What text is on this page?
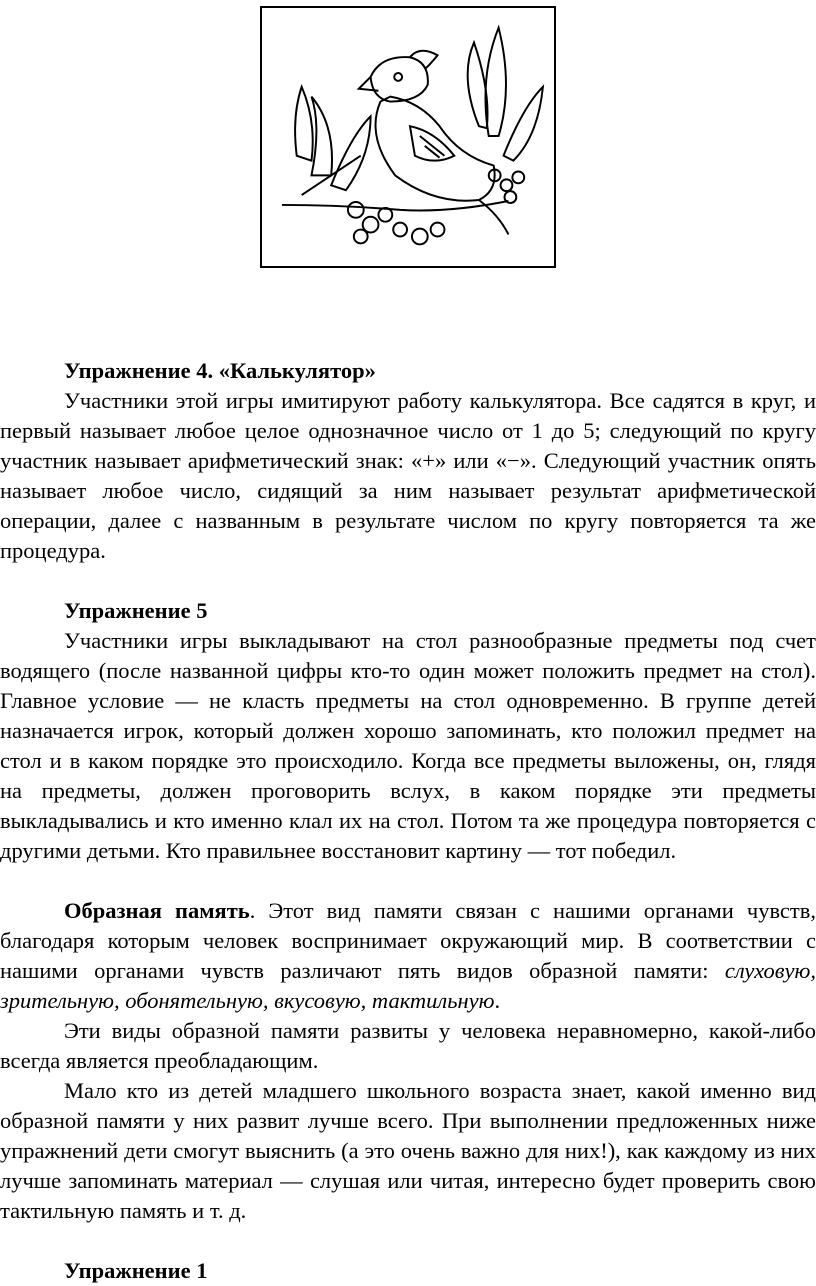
Упражнение 4. «Калькулятор»

Участники этой игры имитируют работу калькулятора. Все садятся в круг, и первый называет любое целое однозначное число от 1 до 5; следующий по кругу участник называет арифметический знак: «+» или «−». Следующий участник опять называет любое число, сидящий за ним называет результат арифметической операции, далее с названным в результате числом по кругу повторяется та же процедура.

Упражнение 5

Участники игры выкладывают на стол разнообразные предметы под счет водящего (после названной цифры кто-то один может положить предмет на стол). Главное условие — не класть предметы на стол одновременно. В группе детей назначается игрок, который должен хорошо запоминать, кто положил предмет на стол и в каком порядке это происходило. Когда все предметы выложены, он, глядя на предметы, должен проговорить вслух, в каком порядке эти предметы выкладывались и кто именно клал их на стол. Потом та же процедура повторяется с другими детьми. Кто правильнее восстановит картину — тот победил.

Образная память. Этот вид памяти связан с нашими органами чувств, благодаря которым человек воспринимает окружающий мир. В соответствии с нашими органами чувств различают пять видов образной памяти: слуховую, зрительную, обонятельную, вкусовую, тактильную.

Эти виды образной памяти развиты у человека неравномерно, какой-либо всегда является преобладающим.

Мало кто из детей младшего школьного возраста знает, какой именно вид образной памяти у них развит лучше всего. При выполнении предложенных ниже упражнений дети смогут выяснить (а это очень важно для них!), как каждому из них лучше запоминать материал — слушая или читая, интересно будет проверить свою тактильную память и т. д.

Упражнение 1
